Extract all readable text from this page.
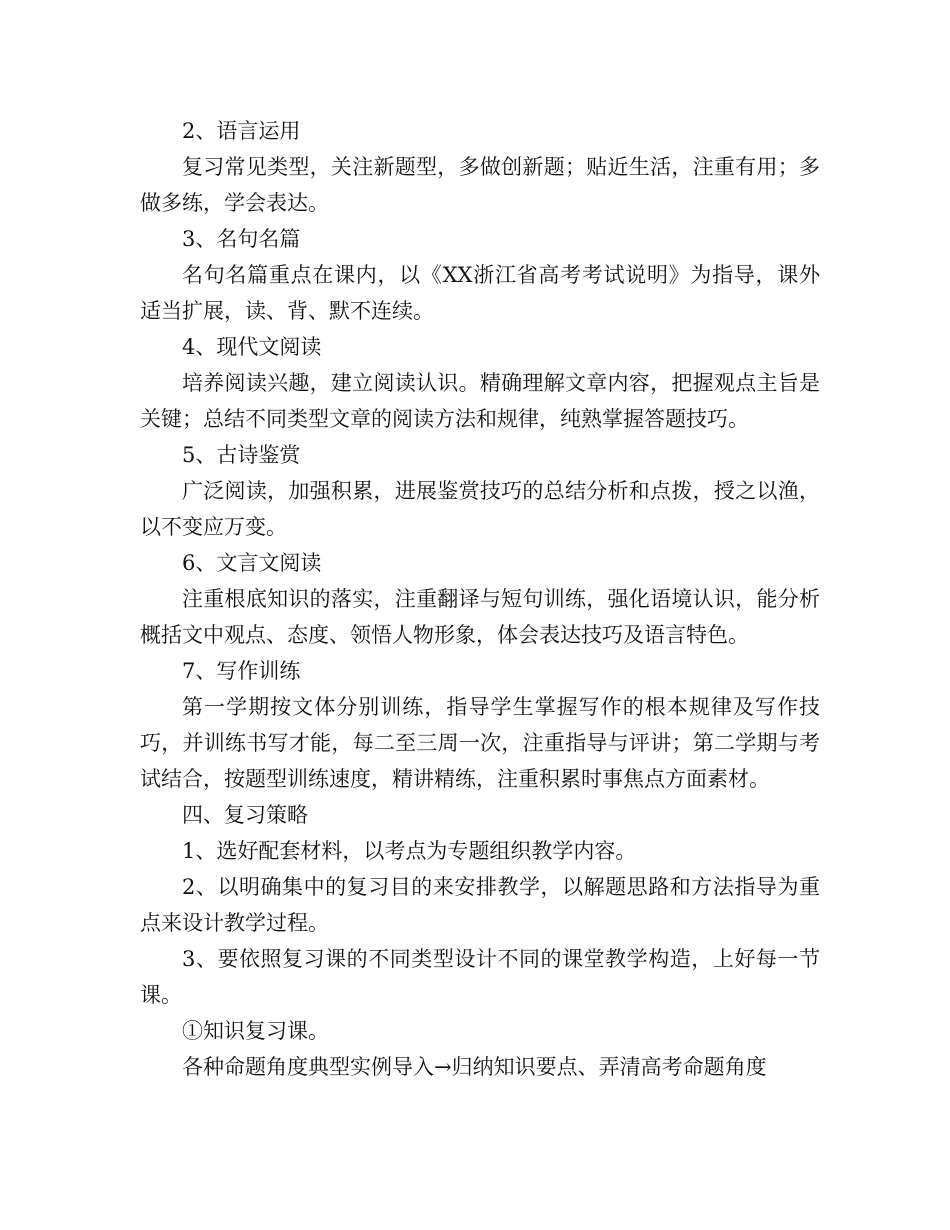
2、语言运用

复习常见类型，关注新题型，多做创新题；贴近生活，注重有用；多做多练，学会表达。

3、名句名篇

名句名篇重点在课内，以《XX浙江省高考考试说明》为指导，课外适当扩展，读、背、默不连续。

4、现代文阅读

培养阅读兴趣，建立阅读认识。精确理解文章内容，把握观点主旨是关键；总结不同类型文章的阅读方法和规律，纯熟掌握答题技巧。

5、古诗鉴赏

广泛阅读，加强积累，进展鉴赏技巧的总结分析和点拨，授之以渔，以不变应万变。

6、文言文阅读

注重根底知识的落实，注重翻译与短句训练，强化语境认识，能分析概括文中观点、态度、领悟人物形象，体会表达技巧及语言特色。

7、写作训练

第一学期按文体分别训练，指导学生掌握写作的根本规律及写作技巧，并训练书写才能，每二至三周一次，注重指导与评讲；第二学期与考试结合，按题型训练速度，精讲精练，注重积累时事焦点方面素材。

四、复习策略

1、选好配套材料，以考点为专题组织教学内容。

2、以明确集中的复习目的来安排教学，以解题思路和方法指导为重点来设计教学过程。

3、要依照复习课的不同类型设计不同的课堂教学构造，上好每一节课。

①知识复习课。

各种命题角度典型实例导入→归纳知识要点、弄清高考命题角度
